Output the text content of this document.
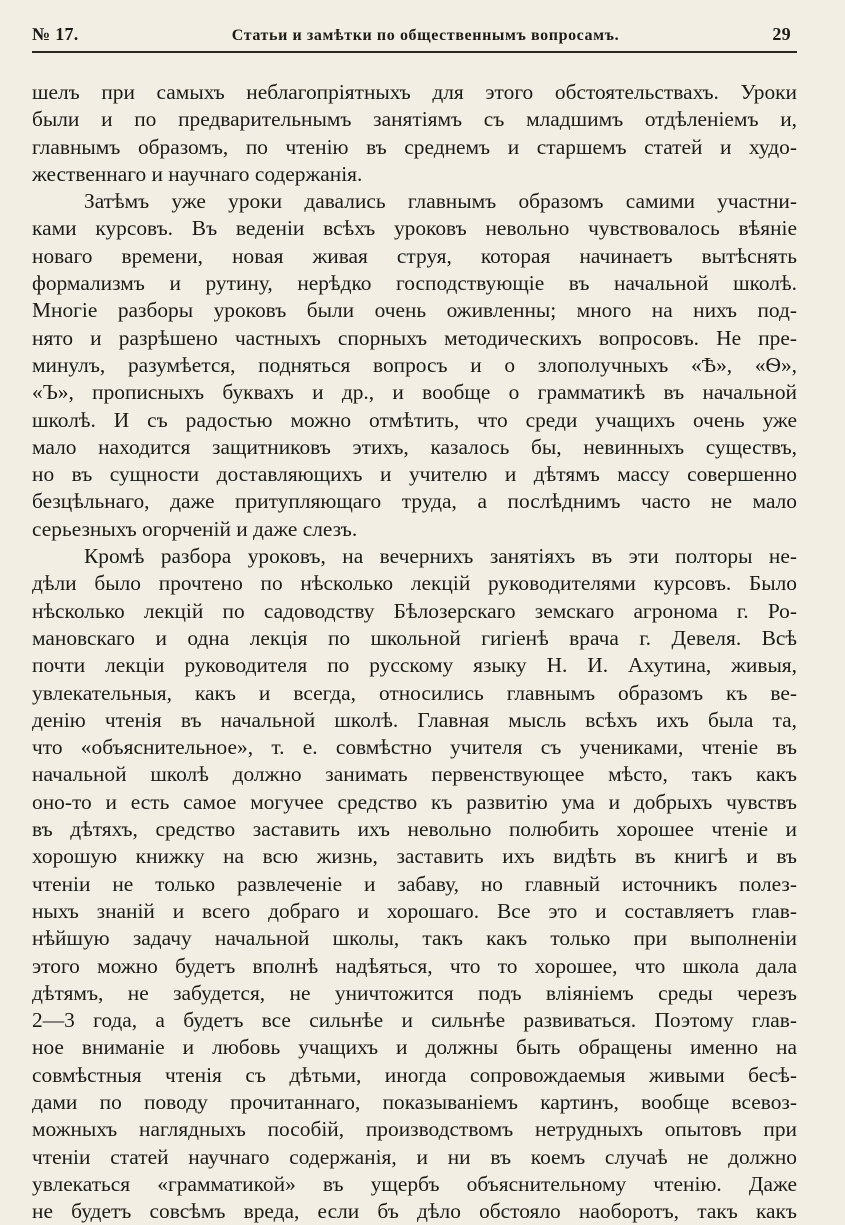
№ 17.	Статьи и замѣтки по общественнымъ вопросамъ.	29

шелъ при самыхъ неблагопріятныхъ для этого обстоятельствахъ. Уроки
были и по предварительнымъ занятіямъ съ младшимъ отдѣленіемъ и,
главнымъ образомъ, по чтенію въ среднемъ и старшемъ статей и худо-
жественнаго и научнаго содержанія.

Затѣмъ уже уроки давались главнымъ образомъ самими участни-
ками курсовъ. Въ веденіи всѣхъ уроковъ невольно чувствовалось вѣяніе
новаго времени, новая живая струя, которая начинаетъ вытѣснять
формализмъ и рутину, нерѣдко господствующіе въ начальной школѣ.
Многіе разборы уроковъ были очень оживленны; много на нихъ под-
нято и разрѣшено частныхъ спорныхъ методическихъ вопросовъ. Не пре-
минулъ, разумѣется, подняться вопросъ и о злополучныхъ «Ѣ», «Ѳ»,
«Ъ», прописныхъ буквахъ и др., и вообще о грамматикѣ въ начальной
школѣ. И съ радостью можно отмѣтить, что среди учащихъ очень уже
мало находится защитниковъ этихъ, казалось бы, невинныхъ существъ,
но въ сущности доставляющихъ и учителю и дѣтямъ массу совершенно
безцѣльнаго, даже притупляющаго труда, а послѣднимъ часто не мало
серьезныхъ огорченій и даже слезъ.

Кромѣ разбора уроковъ, на вечернихъ занятіяхъ въ эти полторы не-
дѣли было прочтено по нѣсколько лекцій руководителями курсовъ. Было
нѣсколько лекцій по садоводству Бѣлозерскаго земскаго агронома г. Ро-
мановскаго и одна лекція по школьной гигіенѣ врача г. Девеля. Всѣ
почти лекціи руководителя по русскому языку Н. И. Ахутина, живыя,
увлекательныя, какъ и всегда, относились главнымъ образомъ къ ве-
денію чтенія въ начальной школѣ. Главная мысль всѣхъ ихъ была та,
что «объяснительное», т. е. совмѣстно учителя съ учениками, чтеніе въ
начальной школѣ должно занимать первенствующее мѣсто, такъ какъ
оно-то и есть самое могучее средство къ развитію ума и добрыхъ чувствъ
въ дѣтяхъ, средство заставить ихъ невольно полюбить хорошее чтеніе и
хорошую книжку на всю жизнь, заставить ихъ видѣть въ книгѣ и въ
чтеніи не только развлеченіе и забаву, но главный источникъ полез-
ныхъ знаній и всего добраго и хорошаго. Все это и составляетъ глав-
нѣйшую задачу начальной школы, такъ какъ только при выполненіи
этого можно будетъ вполнѣ надѣяться, что то хорошее, что школа дала
дѣтямъ, не забудется, не уничтожится подъ вліяніемъ среды черезъ
2—3 года, а будетъ все сильнѣе и сильнѣе развиваться. Поэтому глав-
ное вниманіе и любовь учащихъ и должны быть обращены именно на
совмѣстныя чтенія съ дѣтьми, иногда сопровождаемыя живыми бесѣ-
дами по поводу прочитаннаго, показываніемъ картинъ, вообще всевоз-
можныхъ наглядныхъ пособій, производствомъ нетрудныхъ опытовъ при
чтеніи статей научнаго содержанія, и ни въ коемъ случаѣ не должно
увлекаться «грамматикой» въ ущербъ объяснительному чтенію. Даже
не будетъ совсѣмъ вреда, если бъ дѣло обстояло наоборотъ, такъ какъ
